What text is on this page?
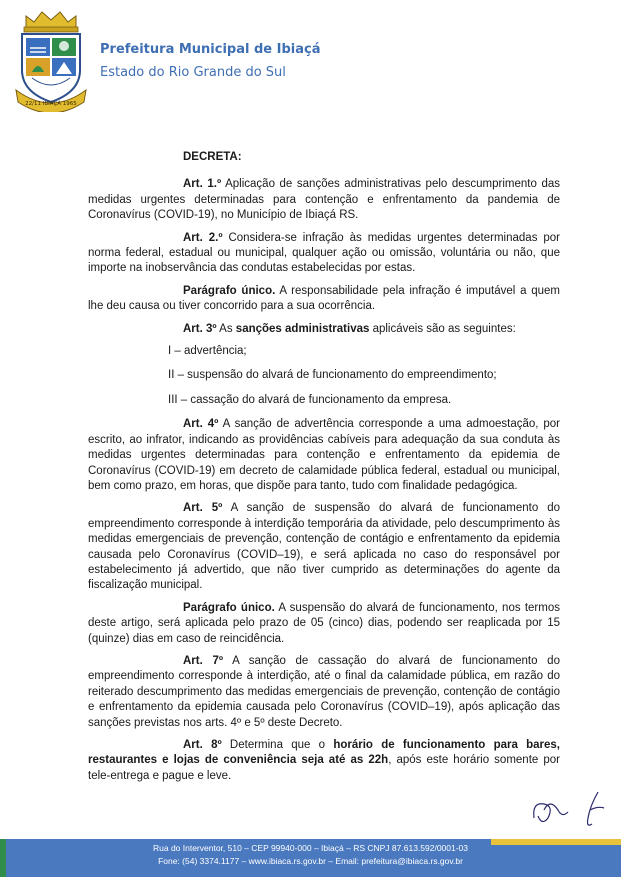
22/11 IBIAÇÁ 1965
Prefeitura Municipal de Ibiaçá
Estado do Rio Grande do Sul

DECRETA:

Art. 1.º Aplicação de sanções administrativas pelo descumprimento das medidas urgentes determinadas para contenção e enfrentamento da pandemia de Coronavírus (COVID-19), no Município de Ibiaçá RS.

Art. 2.º Considera-se infração às medidas urgentes determinadas por norma federal, estadual ou municipal, qualquer ação ou omissão, voluntária ou não, que importe na inobservância das condutas estabelecidas por estas.

Parágrafo único. A responsabilidade pela infração é imputável a quem lhe deu causa ou tiver concorrido para a sua ocorrência.

Art. 3º As sanções administrativas aplicáveis são as seguintes:

I – advertência;

II – suspensão do alvará de funcionamento do empreendimento;

III – cassação do alvará de funcionamento da empresa.

Art. 4º A sanção de advertência corresponde a uma admoestação, por escrito, ao infrator, indicando as providências cabíveis para adequação da sua conduta às medidas urgentes determinadas para contenção e enfrentamento da epidemia de Coronavírus (COVID-19) em decreto de calamidade pública federal, estadual ou municipal, bem como prazo, em horas, que dispõe para tanto, tudo com finalidade pedagógica.

Art. 5º A sanção de suspensão do alvará de funcionamento do empreendimento corresponde à interdição temporária da atividade, pelo descumprimento às medidas emergenciais de prevenção, contenção de contágio e enfrentamento da epidemia causada pelo Coronavírus (COVID–19), e será aplicada no caso do responsável por estabelecimento já advertido, que não tiver cumprido as determinações do agente da fiscalização municipal.

Parágrafo único. A suspensão do alvará de funcionamento, nos termos deste artigo, será aplicada pelo prazo de 05 (cinco) dias, podendo ser reaplicada por 15 (quinze) dias em caso de reincidência.

Art. 7º A sanção de cassação do alvará de funcionamento do empreendimento corresponde à interdição, até o final da calamidade pública, em razão do reiterado descumprimento das medidas emergenciais de prevenção, contenção de contágio e enfrentamento da epidemia causada pelo Coronavírus (COVID–19), após aplicação das sanções previstas nos arts. 4º e 5º deste Decreto.

Art. 8º Determina que o horário de funcionamento para bares, restaurantes e lojas de conveniência seja até as 22h, após este horário somente por tele-entrega e pague e leve.

Rua do Interventor, 510 – CEP 99940-000 – Ibiaçá – RS CNPJ 87.613.592/0001-03
Fone: (54) 3374.1177 – www.ibiaca.rs.gov.br – Email: prefeitura@ibiaca.rs.gov.br
